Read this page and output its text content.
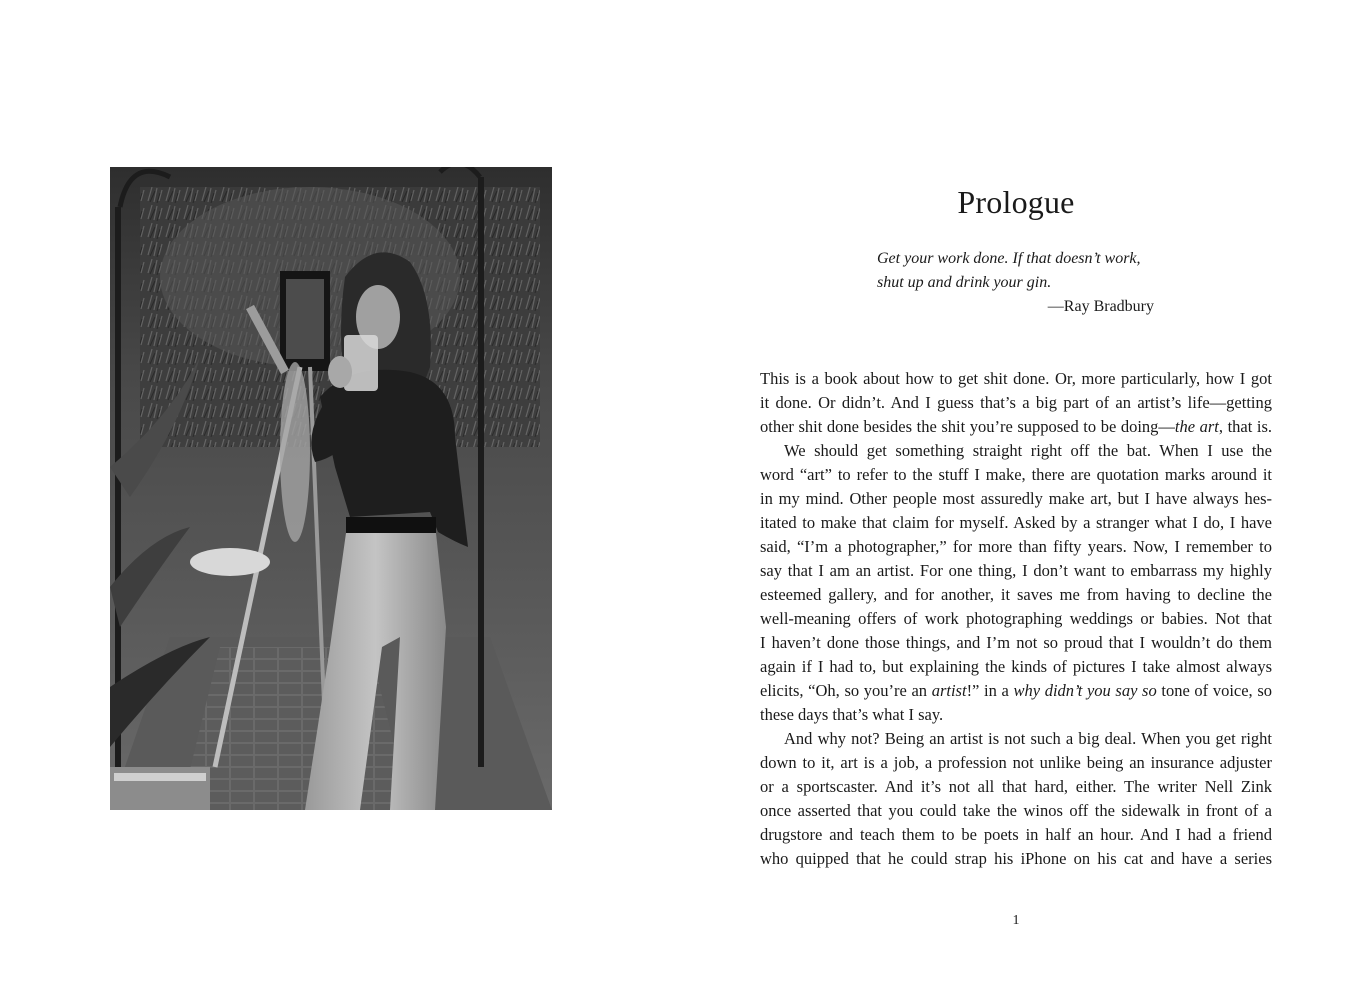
Prologue
Get your work done. If that doesn’t work,
shut up and drink your gin.
—Ray Bradbury
This is a book about how to get shit done. Or, more particularly, how I got
it done. Or didn’t. And I guess that’s a big part of an artist’s life—getting
other shit done besides the shit you’re supposed to be doing—the art, that is.
We should get something straight right off the bat. When I use the
word “art” to refer to the stuff I make, there are quotation marks around it
in my mind. Other people most assuredly make art, but I have always hes-
itated to make that claim for myself. Asked by a stranger what I do, I have
said, “I’m a photographer,” for more than fifty years. Now, I remember to
say that I am an artist. For one thing, I don’t want to embarrass my highly
esteemed gallery, and for another, it saves me from having to decline the
well-meaning offers of work photographing weddings or babies. Not that
I haven’t done those things, and I’m not so proud that I wouldn’t do them
again if I had to, but explaining the kinds of pictures I take almost always
elicits, “Oh, so you’re an artist!” in a why didn’t you say so tone of voice, so
these days that’s what I say.
And why not? Being an artist is not such a big deal. When you get right
down to it, art is a job, a profession not unlike being an insurance adjuster
or a sportscaster. And it’s not all that hard, either. The writer Nell Zink
once asserted that you could take the winos off the sidewalk in front of a
drugstore and teach them to be poets in half an hour. And I had a friend
who quipped that he could strap his iPhone on his cat and have a series
1
